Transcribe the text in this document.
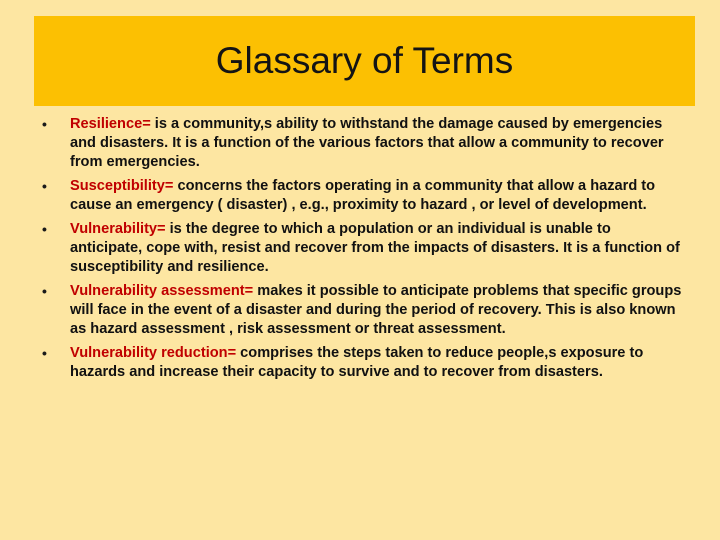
Glassary of Terms
• Resilience= is a community,s ability to withstand the damage caused by emergencies and disasters. It is a function of the various factors that allow a community to recover from emergencies.
• Susceptibility= concerns the factors operating in a community that allow a hazard to cause an emergency ( disaster) , e.g., proximity to hazard , or level of development.
• Vulnerability= is the degree to which a population or an individual is unable to anticipate, cope with, resist and recover from the impacts of disasters. It is a function of susceptibility and resilience.
• Vulnerability assessment= makes it possible to anticipate problems that specific groups will face in the event of a disaster and during the period of recovery. This is also known as hazard assessment , risk assessment or threat assessment.
• Vulnerability reduction= comprises the steps taken to reduce people,s exposure to hazards and increase their capacity to survive and to recover from disasters.
